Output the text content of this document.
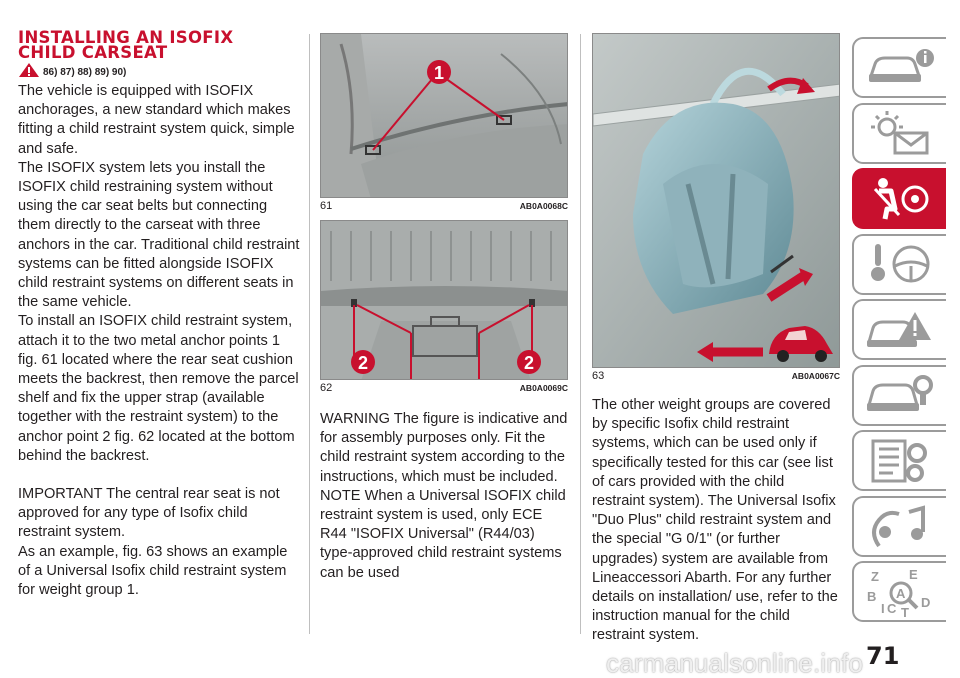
INSTALLING AN ISOFIX
CHILD CARSEAT
86) 87) 88) 89) 90)

The vehicle is equipped with ISOFIX anchorages, a new standard which makes fitting a child restraint system quick, simple and safe.

The ISOFIX system lets you install the ISOFIX child restraining system without using the car seat belts but connecting them directly to the carseat with three anchors in the car. Traditional child restraint systems can be fitted alongside ISOFIX child restraint systems on different seats in the same vehicle.

To install an ISOFIX child restraint system, attach it to the two metal anchor points 1 fig. 61 located where the rear seat cushion meets the backrest, then remove the parcel shelf and fix the upper strap (available together with the restraint system) to the anchor point 2 fig. 62 located at the bottom behind the backrest.

IMPORTANT The central rear seat is not approved for any type of Isofix child restraint system.

As an example, fig. 63 shows an example of a Universal Isofix child restraint system for weight group 1.

1
61	AB0A0068C
2	2
62	AB0A0069C

WARNING The figure is indicative and for assembly purposes only. Fit the child restraint system according to the instructions, which must be included.

NOTE When a Universal ISOFIX child restraint system is used, only ECE R44 "ISOFIX Universal" (R44/03) type-approved child restraint systems can be used

63	AB0A0067C

The other weight groups are covered by specific Isofix child restraint systems, which can be used only if specifically tested for this car (see list of cars provided with the child restraint system). The Universal Isofix "Duo Plus" child restraint system and the special "G 0/1" (or further upgrades) system are available from Lineaccessori Abarth. For any further details on installation/ use, refer to the instruction manual for the child restraint system.

Z E
B
I C T
D
A
71
carmanualsonline.info
